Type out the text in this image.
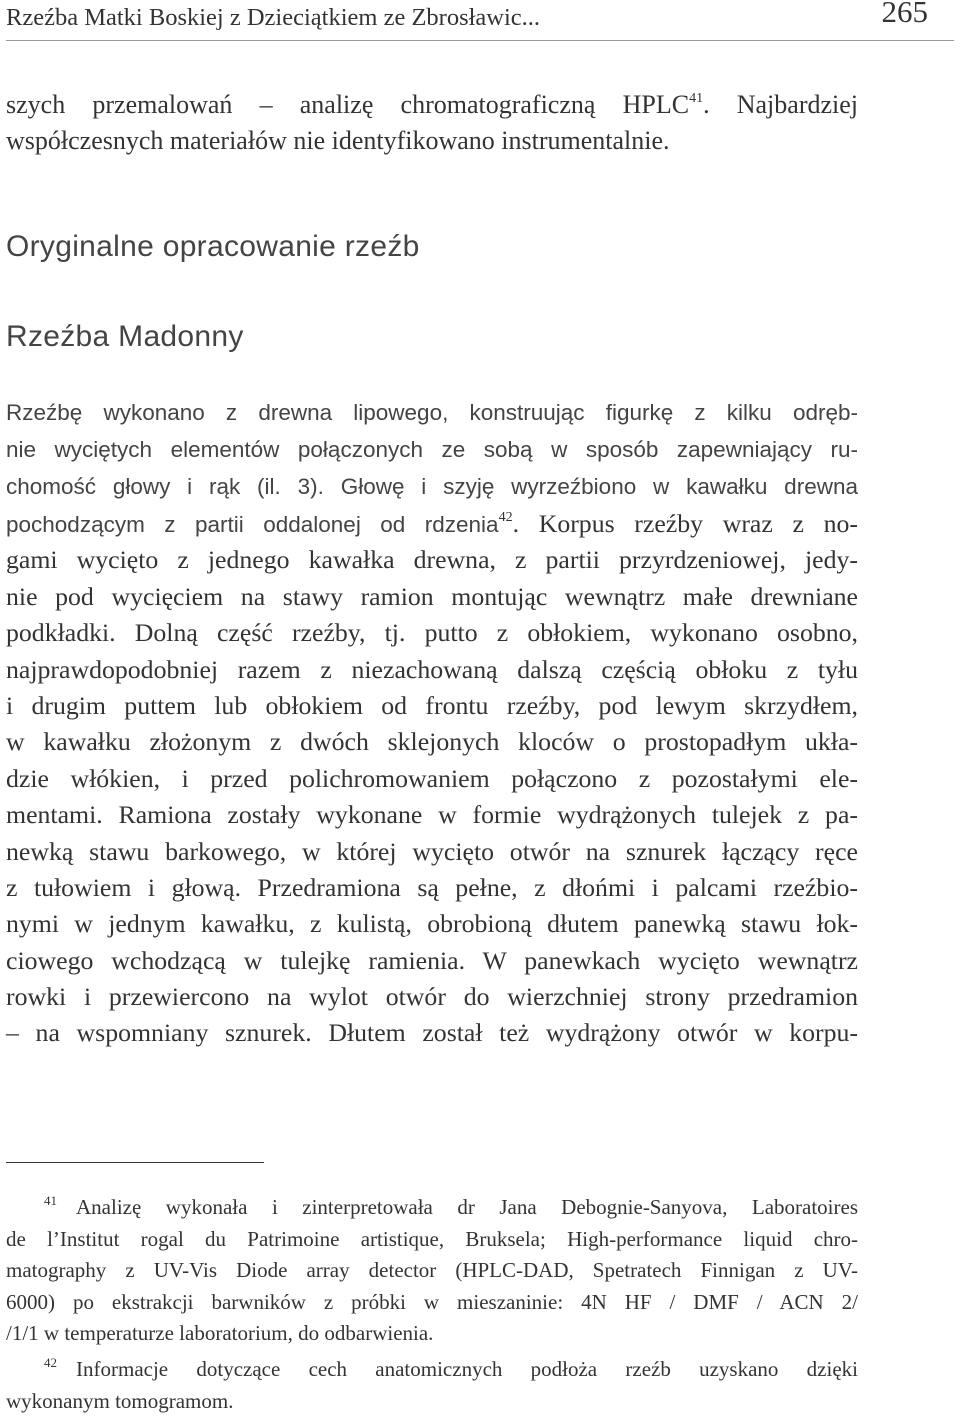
Rzeźba Matki Boskiej z Dzieciątkiem ze Zbrosławic...	265
szych przemalowań – analizę chromatograficzną HPLC$^{41}$. Najbardziej
współczesnych materiałów nie identyfikowano instrumentalnie.
Oryginalne opracowanie rzeźb
Rzeźba Madonny
Rzeźbę wykonano z drewna lipowego, konstruując figurkę z kilku odręb-
nie wyciętych elementów połączonych ze sobą w sposób zapewniający ru-
chomość głowy i rąk (il. 3). Głowę i szyję wyrzeźbiono w kawałku drewna
pochodzącym z partii oddalonej od rdzenia$^{42}$. Korpus rzeźby wraz z no-
gami wycięto z jednego kawałka drewna, z partii przyrdzeniowej, jedy-
nie pod wycięciem na stawy ramion montując wewnątrz małe drewniane
podkładki. Dolną część rzeźby, tj. putto z obłokiem, wykonano osobno,
najprawdopodobniej razem z niezachowaną dalszą częścią obłoku z tyłu
i drugim puttem lub obłokiem od frontu rzeźby, pod lewym skrzydłem,
w kawałku złożonym z dwóch sklejonych kloców o prostopadłym ukła-
dzie włókien, i przed polichromowaniem połączono z pozostałymi ele-
mentami. Ramiona zostały wykonane w formie wydrążonych tulejek z pa-
newką stawu barkowego, w której wycięto otwór na sznurek łączący ręce
z tułowiem i głową. Przedramiona są pełne, z dłońmi i palcami rzeźbio-
nymi w jednym kawałku, z kulistą, obrobioną dłutem panewką stawu łok-
ciowego wchodzącą w tulejkę ramienia. W panewkach wycięto wewnątrz
rowki i przewiercono na wylot otwór do wierzchniej strony przedramion
– na wspomniany sznurek. Dłutem został też wydrążony otwór w korpu-
41 Analizę wykonała i zinterpretowała dr Jana Debognie-Sanyova, Laboratoires
de l’Institut rogal du Patrimoine artistique, Bruksela; High-performance liquid chro-
matography z UV-Vis Diode array detector (HPLC-DAD, Spetratech Finnigan z UV-
6000) po ekstrakcji barwników z próbki w mieszaninie: 4N HF / DMF / ACN 2/
/1/1 w temperaturze laboratorium, do odbarwienia.
42 Informacje dotyczące cech anatomicznych podłoża rzeźb uzyskano dzięki
wykonanym tomogramom.
